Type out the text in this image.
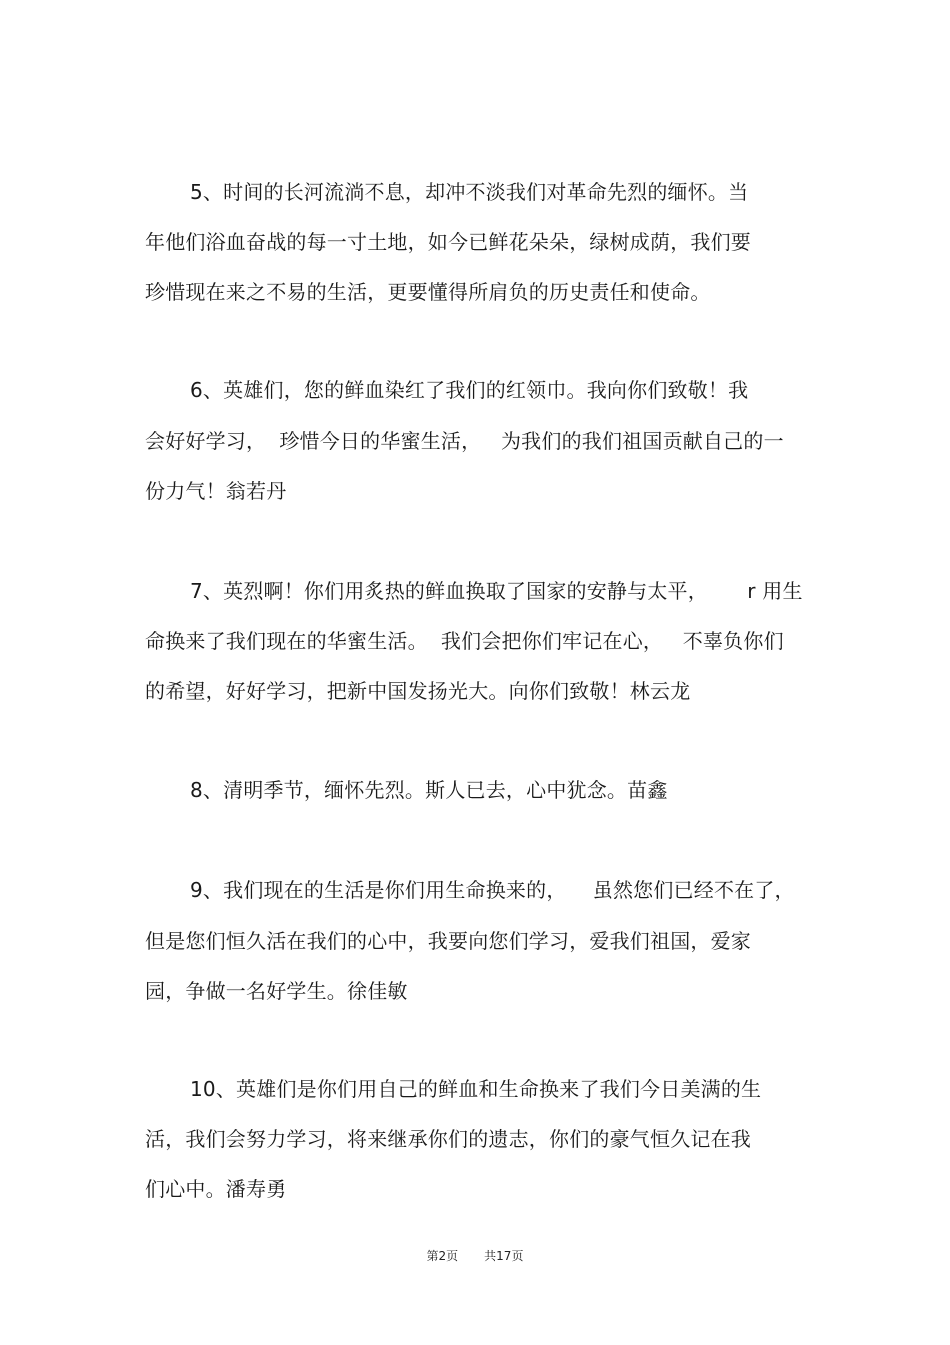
5、时间的长河流淌不息，却冲不淡我们对革命先烈的缅怀。当
年他们浴血奋战的每一寸土地，如今已鲜花朵朵，绿树成荫，我们要
珍惜现在来之不易的生活，更要懂得所肩负的历史责任和使命。
6、英雄们，您的鲜血染红了我们的红领巾。我向你们致敬！我
会好好学习，  珍惜今日的华蜜生活，   为我们的我们祖国贡献自己的一
份力气！翁若丹
7、英烈啊！你们用炙热的鲜血换取了国家的安静与太平，      r 用生
命换来了我们现在的华蜜生活。  我们会把你们牢记在心，   不辜负你们
的希望，好好学习，把新中国发扬光大。向你们致敬！林云龙
8、清明季节，缅怀先烈。斯人已去，心中犹念。苗鑫
9、我们现在的生活是你们用生命换来的，    虽然您们已经不在了，
但是您们恒久活在我们的心中，我要向您们学习，爱我们祖国，爱家
园，争做一名好学生。徐佳敏
10、英雄们是你们用自己的鲜血和生命换来了我们今日美满的生
活，我们会努力学习，将来继承你们的遗志，你们的豪气恒久记在我
们心中。潘寿勇
第2页 共17页
